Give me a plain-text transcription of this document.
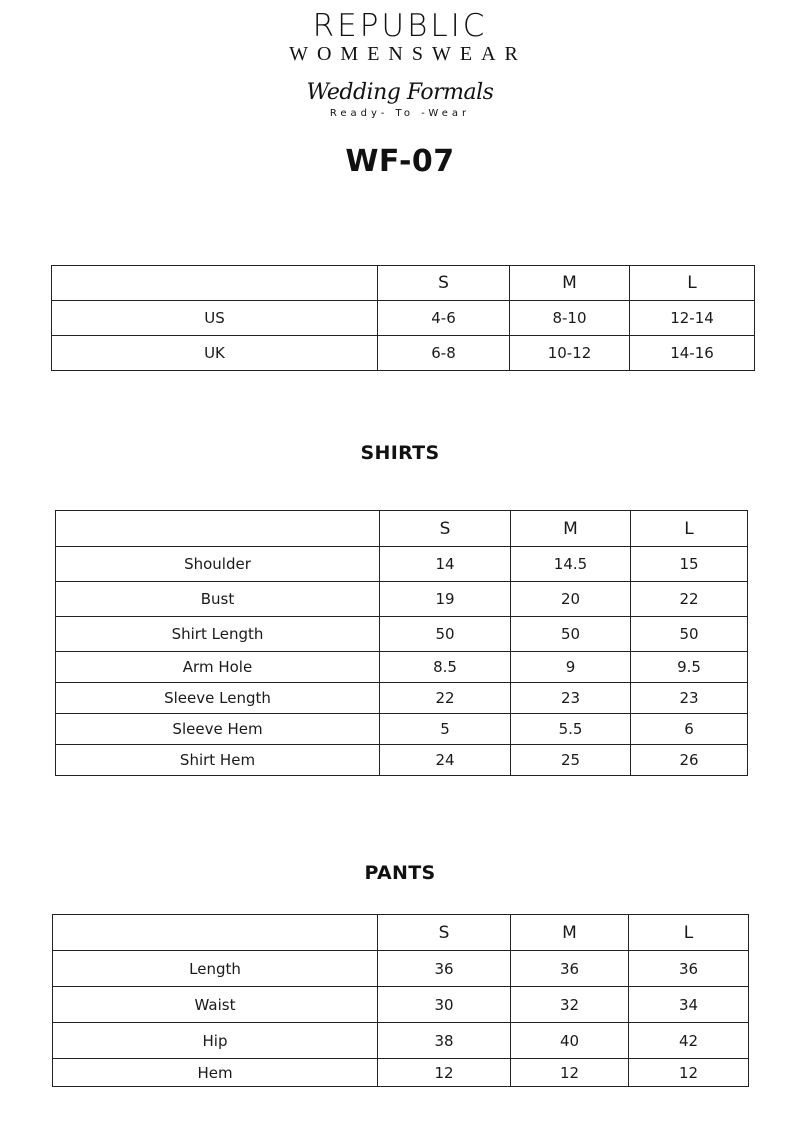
REPUBLIC
WOMENSWEAR
Wedding Formals
Ready- To -Wear
WF-07
	S	M	L
US	4-6	8-10	12-14
UK	6-8	10-12	14-16
SHIRTS
	S	M	L
Shoulder	14	14.5	15
Bust	19	20	22
Shirt Length	50	50	50
Arm Hole	8.5	9	9.5
Sleeve Length	22	23	23
Sleeve Hem	5	5.5	6
Shirt Hem	24	25	26
PANTS
	S	M	L
Length	36	36	36
Waist	30	32	34
Hip	38	40	42
Hem	12	12	12
